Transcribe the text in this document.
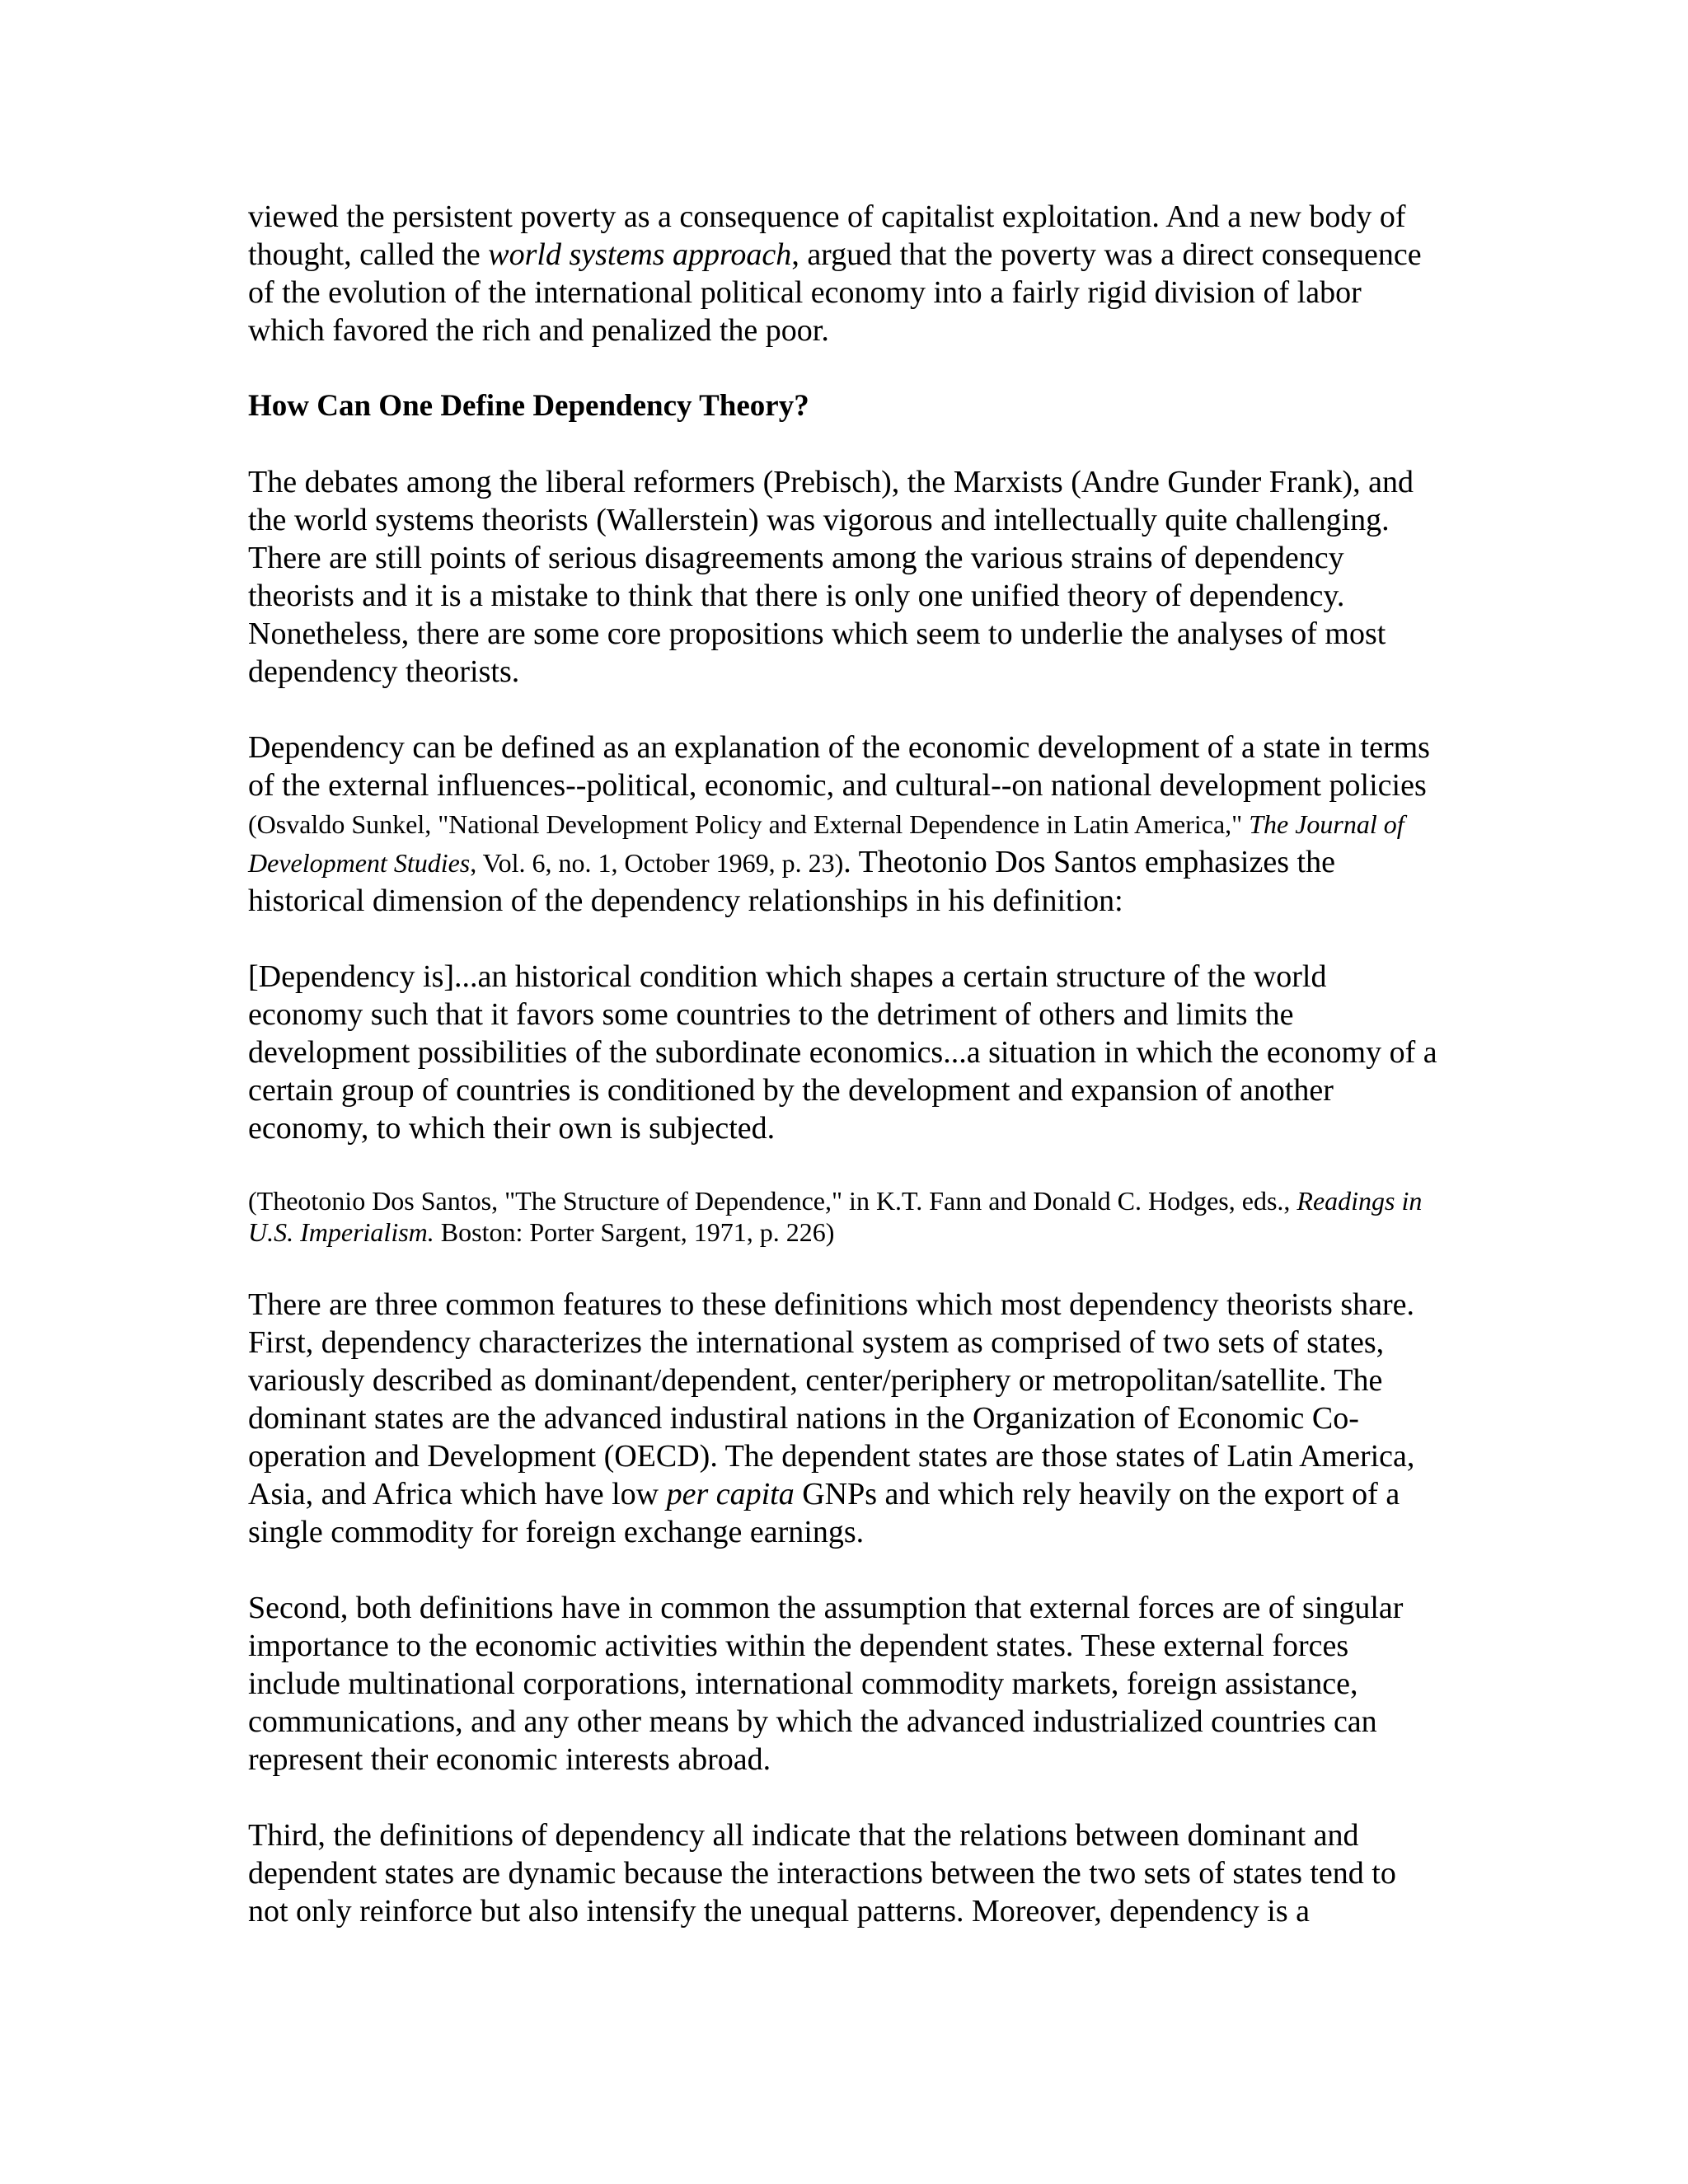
viewed the persistent poverty as a consequence of capitalist exploitation. And a new body of thought, called the world systems approach, argued that the poverty was a direct consequence of the evolution of the international political economy into a fairly rigid division of labor which favored the rich and penalized the poor.

How Can One Define Dependency Theory?

The debates among the liberal reformers (Prebisch), the Marxists (Andre Gunder Frank), and the world systems theorists (Wallerstein) was vigorous and intellectually quite challenging. There are still points of serious disagreements among the various strains of dependency theorists and it is a mistake to think that there is only one unified theory of dependency. Nonetheless, there are some core propositions which seem to underlie the analyses of most dependency theorists.

Dependency can be defined as an explanation of the economic development of a state in terms of the external influences--political, economic, and cultural--on national development policies (Osvaldo Sunkel, "National Development Policy and External Dependence in Latin America," The Journal of Development Studies, Vol. 6, no. 1, October 1969, p. 23). Theotonio Dos Santos emphasizes the historical dimension of the dependency relationships in his definition:

[Dependency is]...an historical condition which shapes a certain structure of the world economy such that it favors some countries to the detriment of others and limits the development possibilities of the subordinate economics...a situation in which the economy of a certain group of countries is conditioned by the development and expansion of another economy, to which their own is subjected.

(Theotonio Dos Santos, "The Structure of Dependence," in K.T. Fann and Donald C. Hodges, eds., Readings in U.S. Imperialism. Boston: Porter Sargent, 1971, p. 226)

There are three common features to these definitions which most dependency theorists share. First, dependency characterizes the international system as comprised of two sets of states, variously described as dominant/dependent, center/periphery or metropolitan/satellite. The dominant states are the advanced industiral nations in the Organization of Economic Co-operation and Development (OECD). The dependent states are those states of Latin America, Asia, and Africa which have low per capita GNPs and which rely heavily on the export of a single commodity for foreign exchange earnings.

Second, both definitions have in common the assumption that external forces are of singular importance to the economic activities within the dependent states. These external forces include multinational corporations, international commodity markets, foreign assistance, communications, and any other means by which the advanced industrialized countries can represent their economic interests abroad.

Third, the definitions of dependency all indicate that the relations between dominant and dependent states are dynamic because the interactions between the two sets of states tend to not only reinforce but also intensify the unequal patterns. Moreover, dependency is a
